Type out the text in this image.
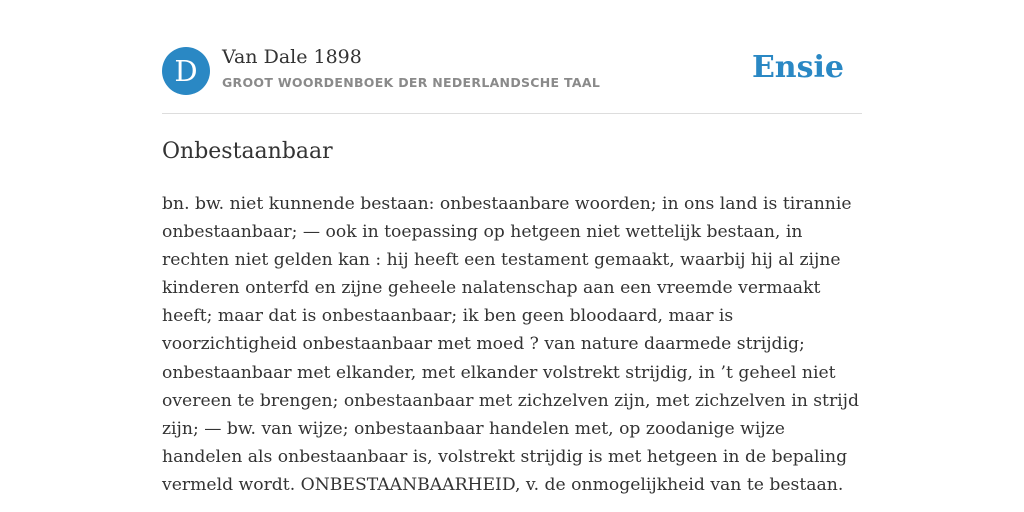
D	Van Dale 1898
GROOT WOORDENBOEK DER NEDERLANDSCHE TAAL	Ensie
Onbestaanbaar

bn. bw. niet kunnende bestaan: onbestaanbare woorden; in ons land is tirannie onbestaanbaar; — ook in toepassing op hetgeen niet wettelijk bestaan, in rechten niet gelden kan : hij heeft een testament gemaakt, waarbij hij al zijne kinderen onterfd en zijne geheele nalatenschap aan een vreemde vermaakt heeft; maar dat is onbestaanbaar; ik ben geen bloodaard, maar is voorzichtigheid onbestaanbaar met moed ? van nature daarmede strijdig; onbestaanbaar met elkander, met elkander volstrekt strijdig, in ’t geheel niet overeen te brengen; onbestaanbaar met zichzelven zijn, met zichzelven in strijd zijn; — bw. van wijze; onbestaanbaar handelen met, op zoodanige wijze handelen als onbestaanbaar is, volstrekt strijdig is met hetgeen in de bepaling vermeld wordt. ONBESTAANBAARHEID, v. de onmogelijkheid van te bestaan.
